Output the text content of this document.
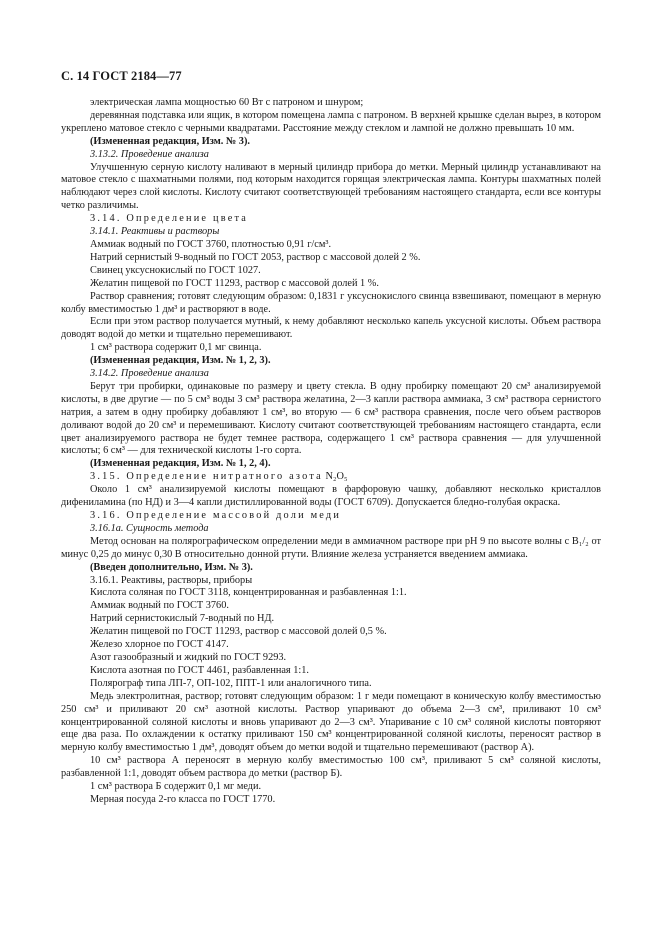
С. 14 ГОСТ 2184—77

электрическая лампа мощностью 60 Вт с патроном и шнуром;

деревянная подставка или ящик, в котором помещена лампа с патроном. В верхней крышке сделан вырез, в котором укреплено матовое стекло с черными квадратами. Расстояние между стеклом и лампой не должно превышать 10 мм.

(Измененная редакция, Изм. № 3).

3.13.2. Проведение анализа

Улучшенную серную кислоту наливают в мерный цилиндр прибора до метки. Мерный цилиндр устанавливают на матовое стекло с шахматными полями, под которым находится горящая электрическая лампа. Контуры шахматных полей наблюдают через слой кислоты. Кислоту считают соответствующей требованиям настоящего стандарта, если все контуры четко различимы.

3.14. Определение цвета

3.14.1. Реактивы и растворы

Аммиак водный по ГОСТ 3760, плотностью 0,91 г/см³.

Натрий сернистый 9-водный по ГОСТ 2053, раствор с массовой долей 2 %.

Свинец уксуснокислый по ГОСТ 1027.

Желатин пищевой по ГОСТ 11293, раствор с массовой долей 1 %.

Раствор сравнения; готовят следующим образом: 0,1831 г уксуснокислого свинца взвешивают, помещают в мерную колбу вместимостью 1 дм³ и растворяют в воде.

Если при этом раствор получается мутный, к нему добавляют несколько капель уксусной кислоты. Объем раствора доводят водой до метки и тщательно перемешивают.

1 см³ раствора содержит 0,1 мг свинца.

(Измененная редакция, Изм. № 1, 2, 3).

3.14.2. Проведение анализа

Берут три пробирки, одинаковые по размеру и цвету стекла. В одну пробирку помещают 20 см³ анализируемой кислоты, в две другие — по 5 см³ воды 3 см³ раствора желатина, 2—3 капли раствора аммиака, 3 см³ раствора сернистого натрия, а затем в одну пробирку добавляют 1 см³, во вторую — 6 см³ раствора сравнения, после чего объем растворов доливают водой до 20 см³ и перемешивают. Кислоту считают соответствующей требованиям настоящего стандарта, если цвет анализируемого раствора не будет темнее раствора, содержащего 1 см³ раствора сравнения — для улучшенной кислоты; 6 см³ — для технической кислоты 1-го сорта.

(Измененная редакция, Изм. № 1, 2, 4).

3.15. Определение нитратного азота N₂O₅

Около 1 см³ анализируемой кислоты помещают в фарфоровую чашку, добавляют несколько кристаллов дифениламина (по НД) и 3—4 капли дистиллированной воды (ГОСТ 6709). Допускается бледно-голубая окраска.

3.16. Определение массовой доли меди

3.16.1а. Сущность метода

Метод основан на полярографическом определении меди в аммиачном растворе при pH 9 по высоте волны с B₁/₂ от минус 0,25 до минус 0,30 В относительно донной ртути. Влияние железа устраняется введением аммиака.

(Введен дополнительно, Изм. № 3).

3.16.1. Реактивы, растворы, приборы

Кислота соляная по ГОСТ 3118, концентрированная и разбавленная 1:1.

Аммиак водный по ГОСТ 3760.

Натрий сернистокислый 7-водный по НД.

Желатин пищевой по ГОСТ 11293, раствор с массовой долей 0,5 %.

Железо хлорное по ГОСТ 4147.

Азот газообразный и жидкий по ГОСТ 9293.

Кислота азотная по ГОСТ 4461, разбавленная 1:1.

Полярограф типа ЛП-7, ОП-102, ППТ-1 или аналогичного типа.

Медь электролитная, раствор; готовят следующим образом: 1 г меди помещают в коническую колбу вместимостью 250 см³ и приливают 20 см³ азотной кислоты. Раствор упаривают до объема 2—3 см³, приливают 10 см³ концентрированной соляной кислоты и вновь упаривают до 2—3 см³. Упаривание с 10 см³ соляной кислоты повторяют еще два раза. По охлаждении к остатку приливают 150 см³ концентрированной соляной кислоты, переносят раствор в мерную колбу вместимостью 1 дм³, доводят объем до метки водой и тщательно перемешивают (раствор А).

10 см³ раствора А переносят в мерную колбу вместимостью 100 см³, приливают 5 см³ соляной кислоты, разбавленной 1:1, доводят объем раствора до метки (раствор Б).

1 см³ раствора Б содержит 0,1 мг меди.

Мерная посуда 2-го класса по ГОСТ 1770.
